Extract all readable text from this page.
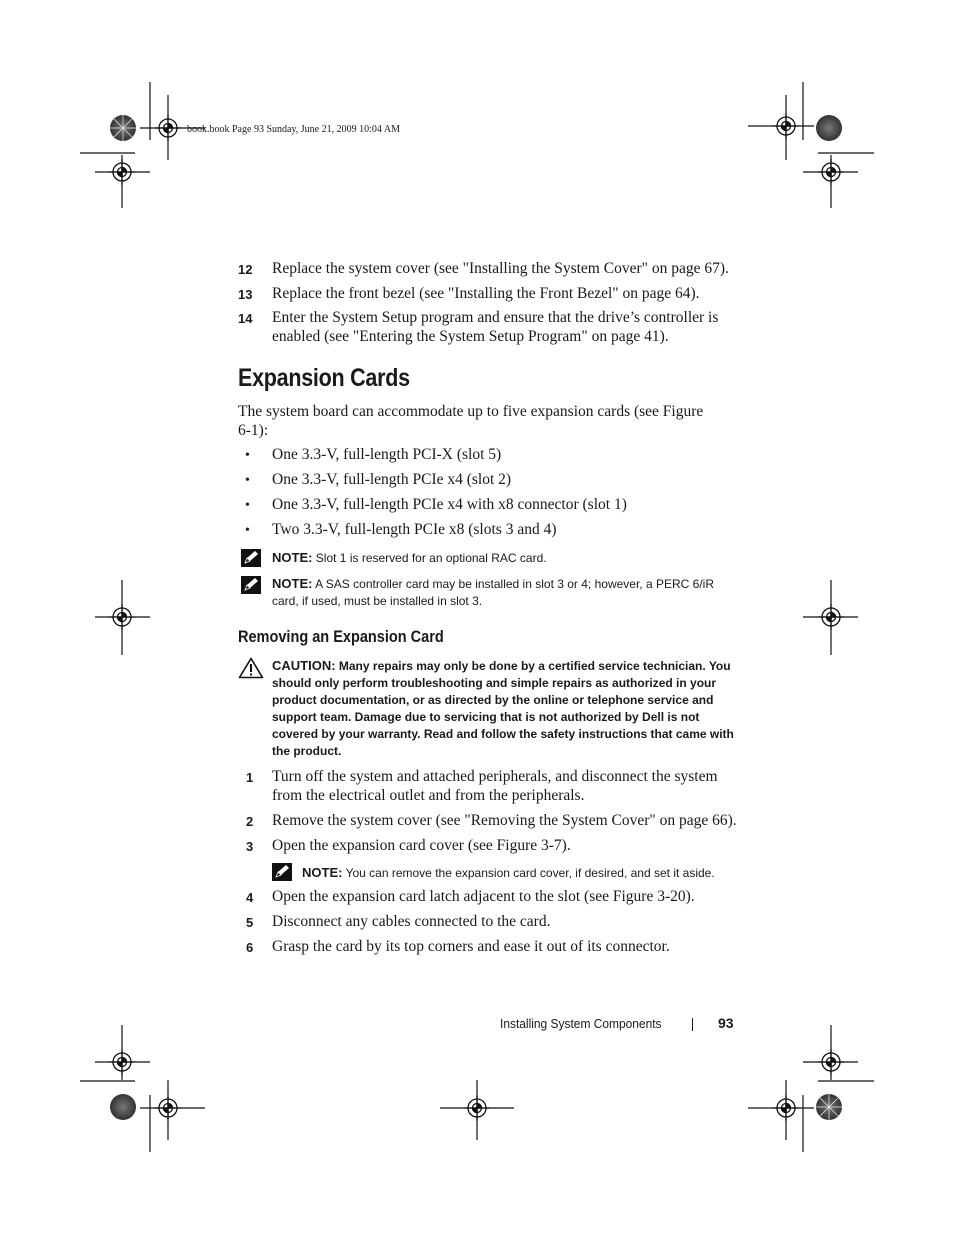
book.book Page 93 Sunday, June 21, 2009 10:04 AM
12	Replace the system cover (see "Installing the System Cover" on page 67).
13	Replace the front bezel (see "Installing the Front Bezel" on page 64).
14	Enter the System Setup program and ensure that the drive’s controller is enabled (see "Entering the System Setup Program" on page 41).
Expansion Cards
The system board can accommodate up to five expansion cards (see Figure 6-1):
• One 3.3-V, full-length PCI-X (slot 5)
• One 3.3-V, full-length PCIe x4 (slot 2)
• One 3.3-V, full-length PCIe x4 with x8 connector (slot 1)
• Two 3.3-V, full-length PCIe x8 (slots 3 and 4)
NOTE: Slot 1 is reserved for an optional RAC card.
NOTE: A SAS controller card may be installed in slot 3 or 4; however, a PERC 6/iR card, if used, must be installed in slot 3.
Removing an Expansion Card
CAUTION: Many repairs may only be done by a certified service technician. You should only perform troubleshooting and simple repairs as authorized in your product documentation, or as directed by the online or telephone service and support team. Damage due to servicing that is not authorized by Dell is not covered by your warranty. Read and follow the safety instructions that came with the product.
1	Turn off the system and attached peripherals, and disconnect the system from the electrical outlet and from the peripherals.
2	Remove the system cover (see "Removing the System Cover" on page 66).
3	Open the expansion card cover (see Figure 3-7).
NOTE: You can remove the expansion card cover, if desired, and set it aside.
4	Open the expansion card latch adjacent to the slot (see Figure 3-20).
5	Disconnect any cables connected to the card.
6	Grasp the card by its top corners and ease it out of its connector.
Installing System Components	93
